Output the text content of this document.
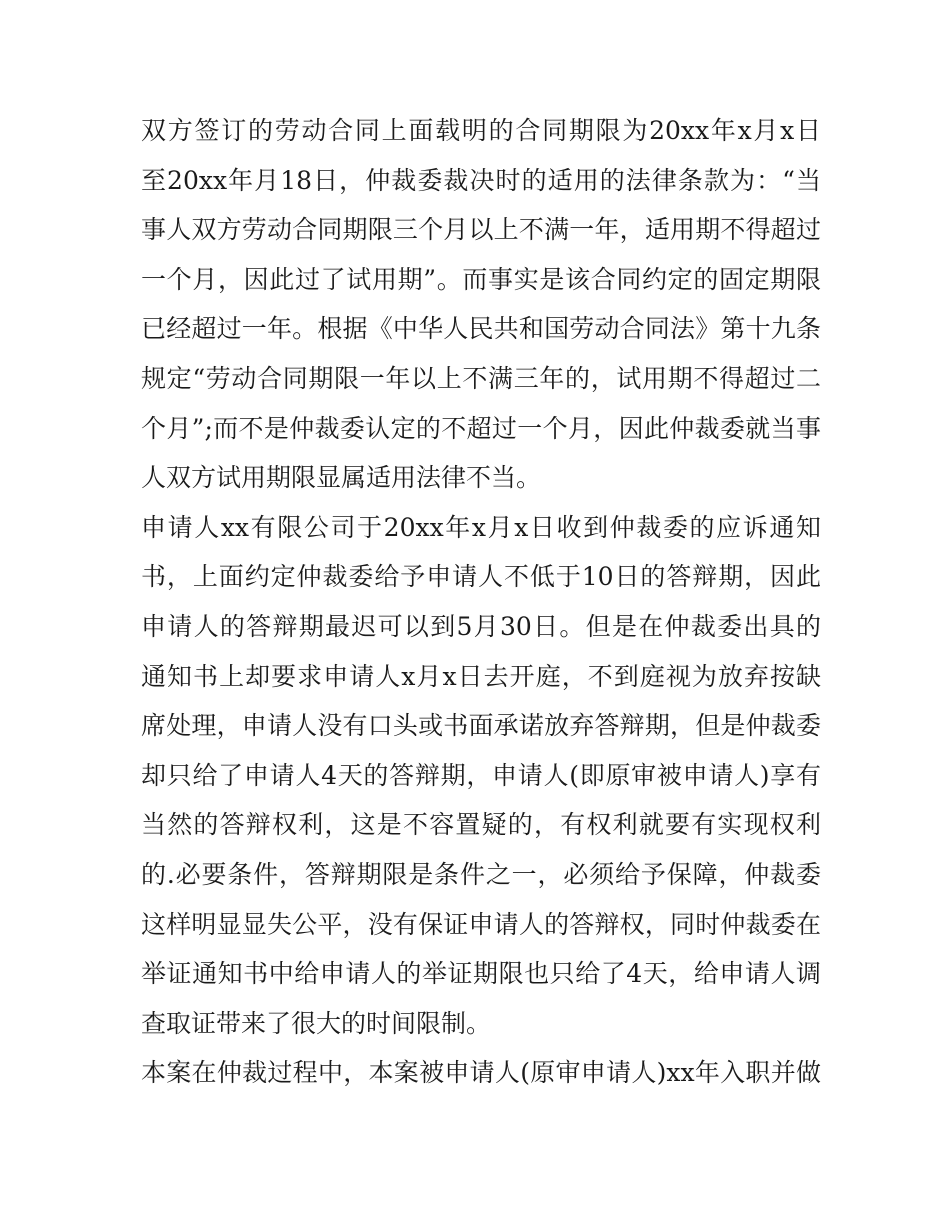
双方签订的劳动合同上面载明的合同期限为20xx年x月x日
至20xx年月18日，仲裁委裁决时的适用的法律条款为：“当
事人双方劳动合同期限三个月以上不满一年，适用期不得超过
一个月，因此过了试用期”。而事实是该合同约定的固定期限
已经超过一年。根据《中华人民共和国劳动合同法》第十九条
规定“劳动合同期限一年以上不满三年的，试用期不得超过二
个月”;而不是仲裁委认定的不超过一个月，因此仲裁委就当事
人双方试用期限显属适用法律不当。
申请人xx有限公司于20xx年x月x日收到仲裁委的应诉通知
书，上面约定仲裁委给予申请人不低于10日的答辩期，因此
申请人的答辩期最迟可以到5月30日。但是在仲裁委出具的
通知书上却要求申请人x月x日去开庭，不到庭视为放弃按缺
席处理，申请人没有口头或书面承诺放弃答辩期，但是仲裁委
却只给了申请人4天的答辩期，申请人(即原审被申请人)享有
当然的答辩权利，这是不容置疑的，有权利就要有实现权利
的.必要条件，答辩期限是条件之一，必须给予保障，仲裁委
这样明显显失公平，没有保证申请人的答辩权，同时仲裁委在
举证通知书中给申请人的举证期限也只给了4天，给申请人调
查取证带来了很大的时间限制。
本案在仲裁过程中，本案被申请人(原审申请人)xx年入职并做
